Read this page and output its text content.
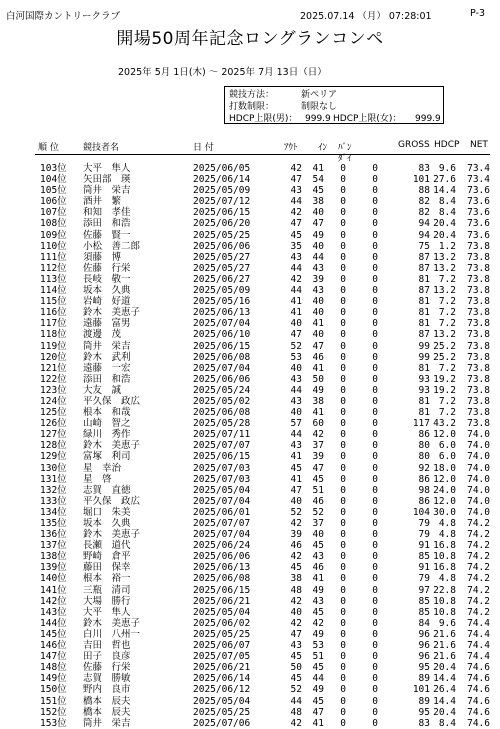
白河国際カントリークラブ	2025.07.14 （月） 07:28:01	P-3
開場50周年記念ロングランコンペ
2025年 5月 1日(木) ～ 2025年 7月 13日（日）
競技方法：	新ペリア
打数制限：	制限なし
HDCP上限(男)： 999.9 HDCP上限(女)： 999.9
順 位	競技者名	日 付	ｱｳﾄ ｲﾝ ﾊﾞﾝ
ﾀﾞｲ
GROSS HDCP NET
103位 大平　隼人	2025/06/05	42	41	0	0	83 9.6	73.4
104位 矢田部　瑛	2025/06/14	47	54	0	0	101 27.6	73.4
105位 筒井　栄吉	2025/05/09	43	45	0	0	88 14.4	73.6
106位 酒井　繁	2025/07/12	44	38	0	0	82 8.4	73.6
107位 和知　孝佳	2025/06/15	42	40	0	0	82 8.4	73.6
108位 添田　和浩	2025/06/20	47	47	0	0	94 20.4	73.6
109位 佐藤　賢一	2025/05/25	45	49	0	0	94 20.4	73.6
110位 小松　善二郎	2025/06/06	35	40	0	0	75 1.2	73.8
111位 須藤　博	2025/05/27	43	44	0	0	87 13.2	73.8
112位 佐藤　行栄	2025/05/27	44	43	0	0	87 13.2	73.8
113位 長岐　敬一	2025/06/27	42	39	0	0	81 7.2	73.8
114位 坂本　久典	2025/05/09	44	43	0	0	87 13.2	73.8
115位 岩崎　好道	2025/05/16	41	40	0	0	81 7.2	73.8
116位 鈴木　美恵子	2025/06/13	41	40	0	0	81 7.2	73.8
117位 遠藤　富男	2025/07/04	40	41	0	0	81 7.2	73.8
118位 渡邊　茂	2025/06/10	47	40	0	0	87 13.2	73.8
119位 筒井　栄吉	2025/06/15	52	47	0	0	99 25.2	73.8
120位 鈴木　武利	2025/06/08	53	46	0	0	99 25.2	73.8
121位 遠藤　一宏	2025/07/04	40	41	0	0	81 7.2	73.8
122位 添田　和浩	2025/06/06	43	50	0	0	93 19.2	73.8
123位 大友　誠	2025/05/24	44	49	0	0	93 19.2	73.8
124位 平久保　政広	2025/05/02	43	38	0	0	81 7.2	73.8
125位 根本　和哉	2025/06/08	40	41	0	0	81 7.2	73.8
126位 山崎　智之	2025/05/28	57	60	0	0	117 43.2	73.8
127位 緑川　秀作	2025/07/11	44	42	0	0	86 12.0	74.0
128位 鈴木　美恵子	2025/07/07	43	37	0	0	80 6.0	74.0
129位 富塚　利司	2025/06/15	41	39	0	0	80 6.0	74.0
130位 星　幸治	2025/07/03	45	47	0	0	92 18.0	74.0
131位 星　啓	2025/07/03	41	45	0	0	86 12.0	74.0
132位 志賀　直徳	2025/05/04	47	51	0	0	98 24.0	74.0
133位 平久保　政広	2025/07/04	40	46	0	0	86 12.0	74.0
134位 堀口　朱美	2025/06/01	52	52	0	0	104 30.0	74.0
135位 坂本　久典	2025/07/07	42	37	0	0	79 4.8	74.2
136位 鈴木　美恵子	2025/07/04	39	40	0	0	79 4.8	74.2
137位 長瀬　道代	2025/06/24	46	45	0	0	91 16.8	74.2
138位 野崎　倉平	2025/06/06	42	43	0	0	85 10.8	74.2
139位 藤田　保幸	2025/06/13	45	46	0	0	91 16.8	74.2
140位 根本　裕一	2025/06/08	38	41	0	0	79 4.8	74.2
141位 三瓶　清司	2025/06/15	48	49	0	0	97 22.8	74.2
142位 大場　勝行	2025/06/21	42	43	0	0	85 10.8	74.2
143位 大平　隼人	2025/05/04	40	45	0	0	85 10.8	74.2
144位 鈴木　美恵子	2025/06/02	42	42	0	0	84 9.6	74.4
145位 白川　八州一	2025/05/25	47	49	0	0	96 21.6	74.4
146位 吉田　哲也	2025/06/07	43	53	0	0	96 21.6	74.4
147位 田子　良彦	2025/07/05	45	51	0	0	96 21.6	74.4
148位 佐藤　行栄	2025/06/21	50	45	0	0	95 20.4	74.6
149位 志賀　勝敏	2025/06/14	45	44	0	0	89 14.4	74.6
150位 野内　良市	2025/06/12	52	49	0	0	101 26.4	74.6
151位 橋本　辰夫	2025/05/04	44	45	0	0	89 14.4	74.6
152位 橋本　辰夫	2025/05/25	48	47	0	0	95 20.4	74.6
153位 筒井　栄吉	2025/07/06	42	41	0	0	83 8.4	74.6
